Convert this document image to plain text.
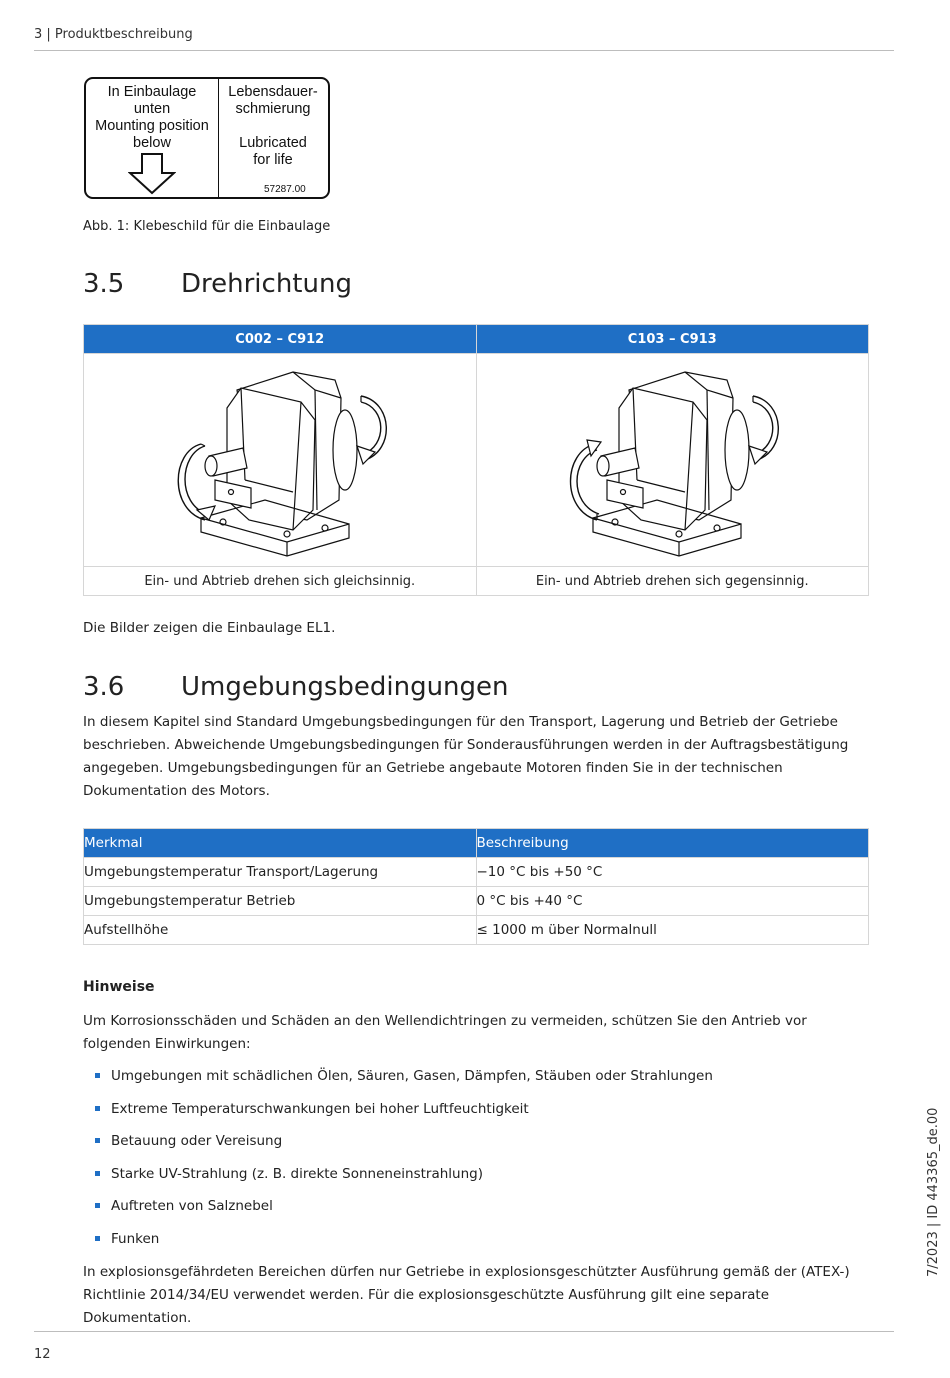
3 | Produktbeschreibung
In Einbaulage
unten
Mounting position
below
Lebensdauer-
schmierung
Lubricated
for life
57287.00
Abb. 1: Klebeschild für die Einbaulage
3.5 Drehrichtung
C002 – C912	C103 – C913

Ein- und Abtrieb drehen sich gleichsinnig.	Ein- und Abtrieb drehen sich gegensinnig.
Die Bilder zeigen die Einbaulage EL1.
3.6 Umgebungsbedingungen
In diesem Kapitel sind Standard Umgebungsbedingungen für den Transport, Lagerung und Betrieb der Getriebe beschrieben. Abweichende Umgebungsbedingungen für Sonderausführungen werden in der Auftragsbestätigung angegeben. Umgebungsbedingungen für an Getriebe angebaute Motoren finden Sie in der technischen Dokumentation des Motors.
Merkmal	Beschreibung
Umgebungstemperatur Transport/Lagerung	−10 °C bis +50 °C
Umgebungstemperatur Betrieb	0 °C bis +40 °C
Aufstellhöhe	≤ 1000 m über Normalnull
Hinweise
Um Korrosionsschäden und Schäden an den Wellendichtringen zu vermeiden, schützen Sie den Antrieb vor folgenden Einwirkungen:
Umgebungen mit schädlichen Ölen, Säuren, Gasen, Dämpfen, Stäuben oder Strahlungen
Extreme Temperaturschwankungen bei hoher Luftfeuchtigkeit
Betauung oder Vereisung
Starke UV-Strahlung (z. B. direkte Sonneneinstrahlung)
Auftreten von Salznebel
Funken
In explosionsgefährdeten Bereichen dürfen nur Getriebe in explosionsgeschützter Ausführung gemäß der (ATEX-) Richtlinie 2014/34/EU verwendet werden. Für die explosionsgeschützte Ausführung gilt eine separate Dokumentation.
7/2023 | ID 443365_de.00
12
